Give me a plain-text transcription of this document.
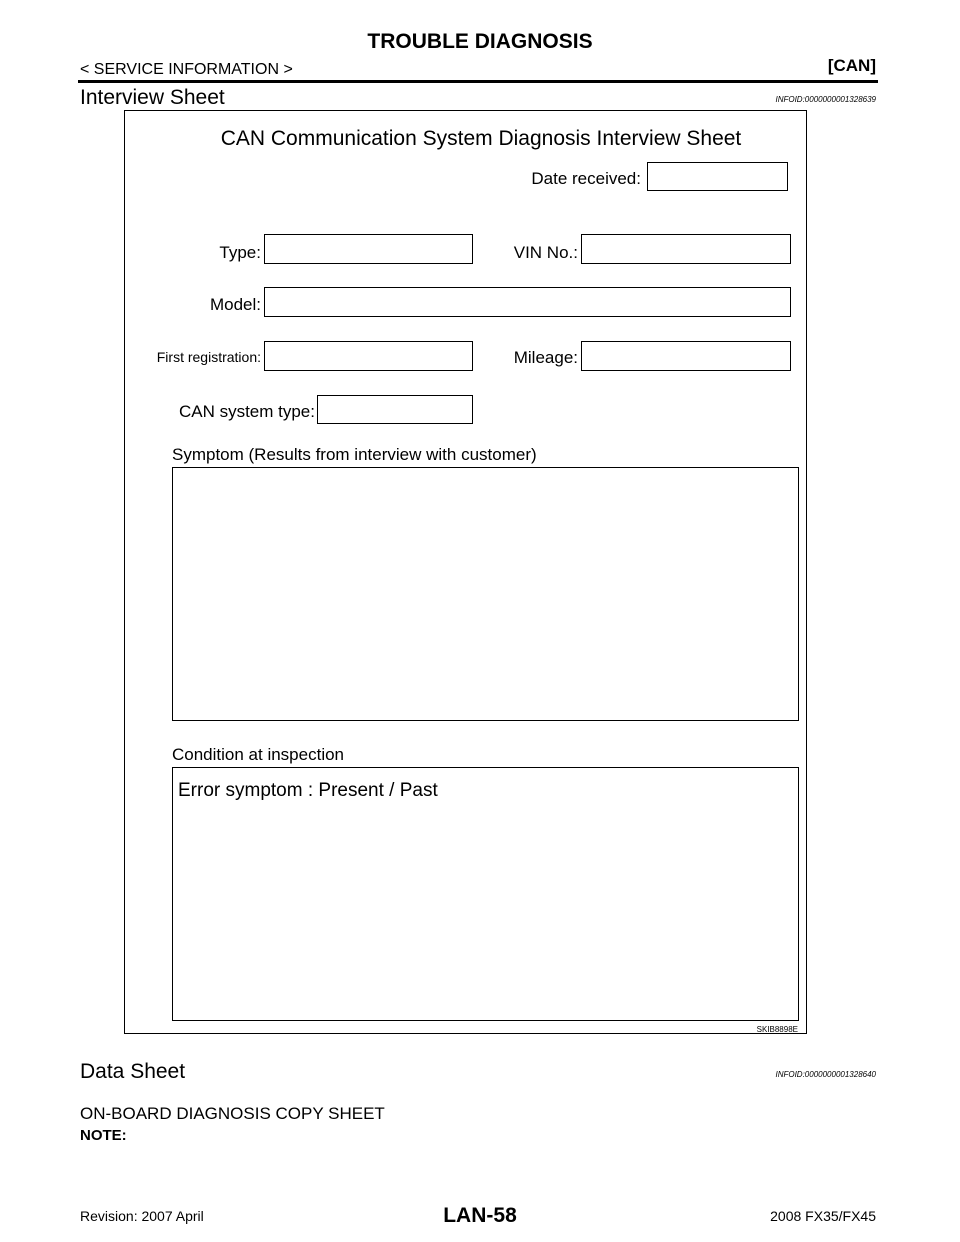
TROUBLE DIAGNOSIS
< SERVICE INFORMATION >	[CAN]
Interview Sheet	INFOID:0000000001328639
CAN Communication System Diagnosis Interview Sheet
Date received:
Type:	VIN No.:
Model:
First registration:	Mileage:
CAN system type:
Symptom (Results from interview with customer)
Condition at inspection
Error symptom : Present / Past
SKIB8898E
Data Sheet	INFOID:0000000001328640
ON-BOARD DIAGNOSIS COPY SHEET
NOTE:
Revision: 2007 April	LAN-58	2008 FX35/FX45
